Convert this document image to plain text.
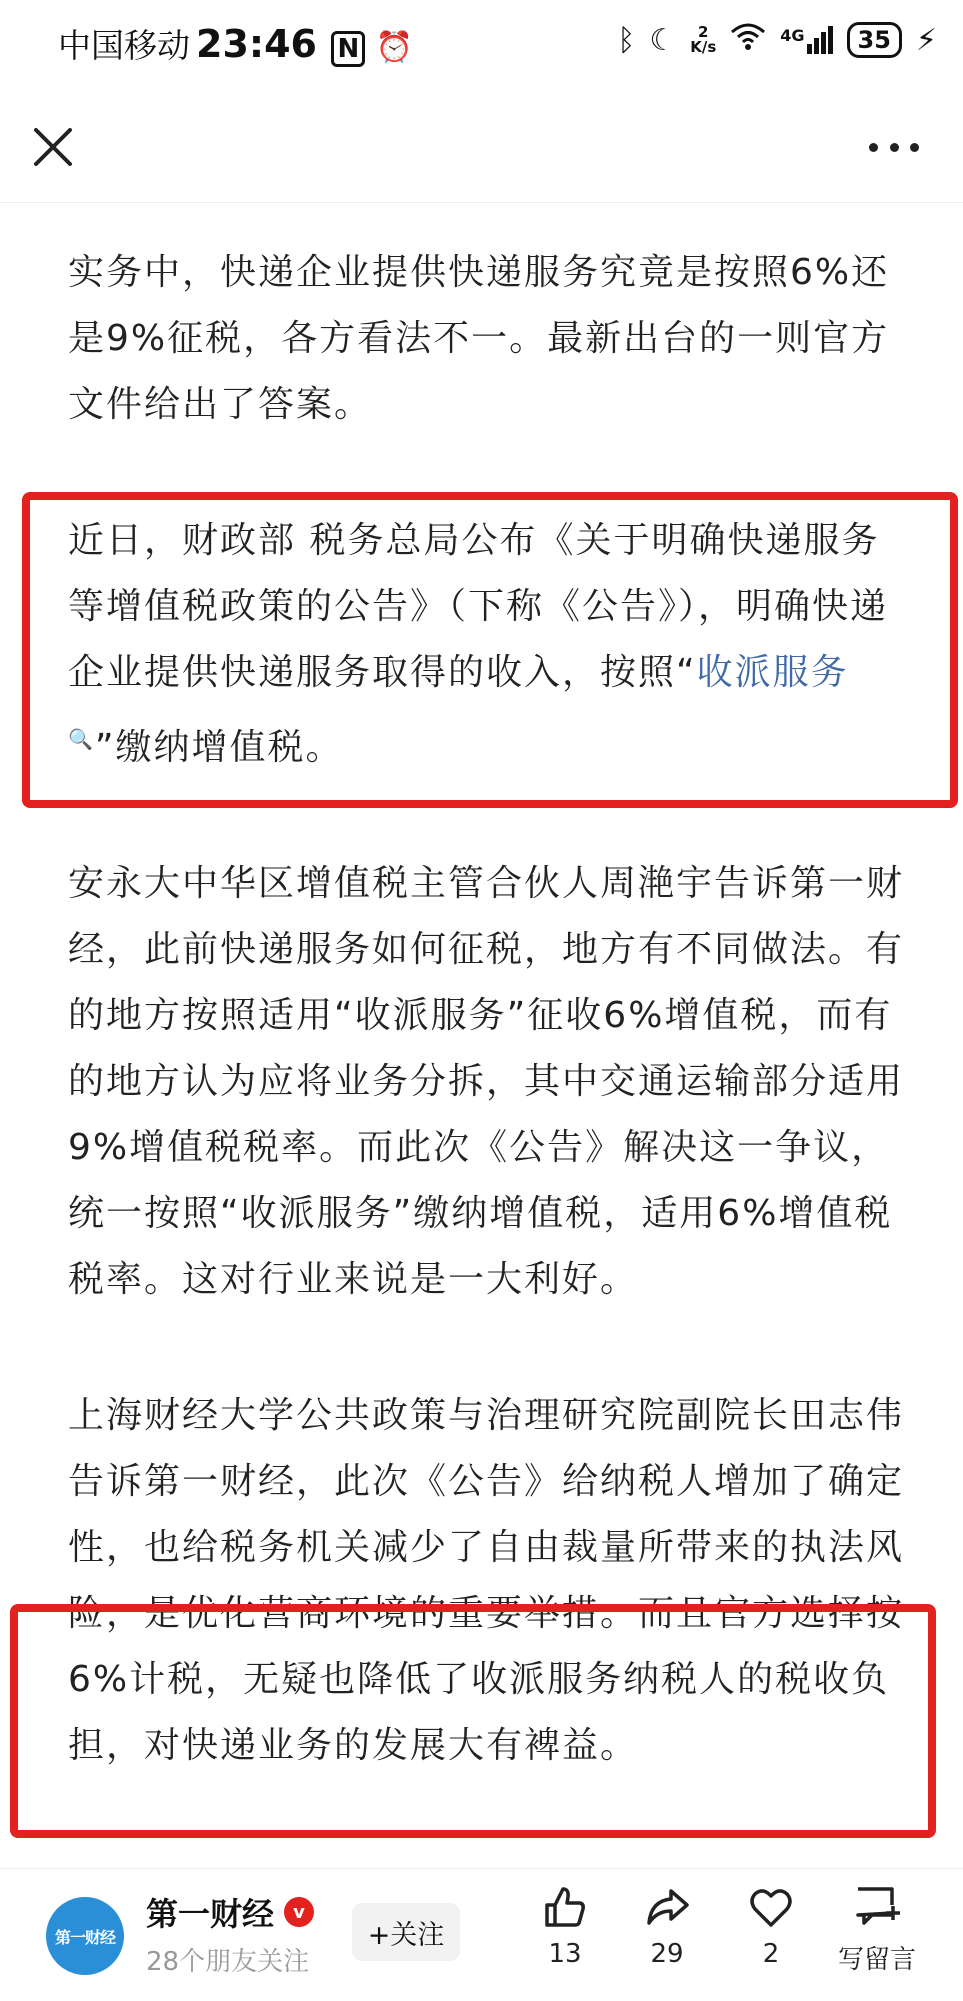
中国移动 23:46 N ⏰	ᛒ ☾	2
K/s
4G	35 ⚡

实务中，快递企业提供快递服务究竟是按照6%还是9%征税，各方看法不一。最新出台的一则官方文件给出了答案。

近日，财政部 税务总局公布《关于明确快递服务等增值税政策的公告》（下称《公告》），明确快递企业提供快递服务取得的收入，按照“收派服务🔍”缴纳增值税。

安永大中华区增值税主管合伙人周滟宇告诉第一财经，此前快递服务如何征税，地方有不同做法。有的地方按照适用“收派服务”征收6%增值税，而有的地方认为应将业务分拆，其中交通运输部分适用9%增值税税率。而此次《公告》解决这一争议，统一按照“收派服务”缴纳增值税，适用6%增值税税率。这对行业来说是一大利好。

上海财经大学公共政策与治理研究院副院长田志伟告诉第一财经，此次《公告》给纳税人增加了确定性，也给税务机关减少了自由裁量所带来的执法风险，是优化营商环境的重要举措。而且官方选择按6%计税，无疑也降低了收派服务纳税人的税收负担，对快递业务的发展大有裨益。

第一财经
第一财经	v
28个朋友关注
+关注
13	29	2	写留言
